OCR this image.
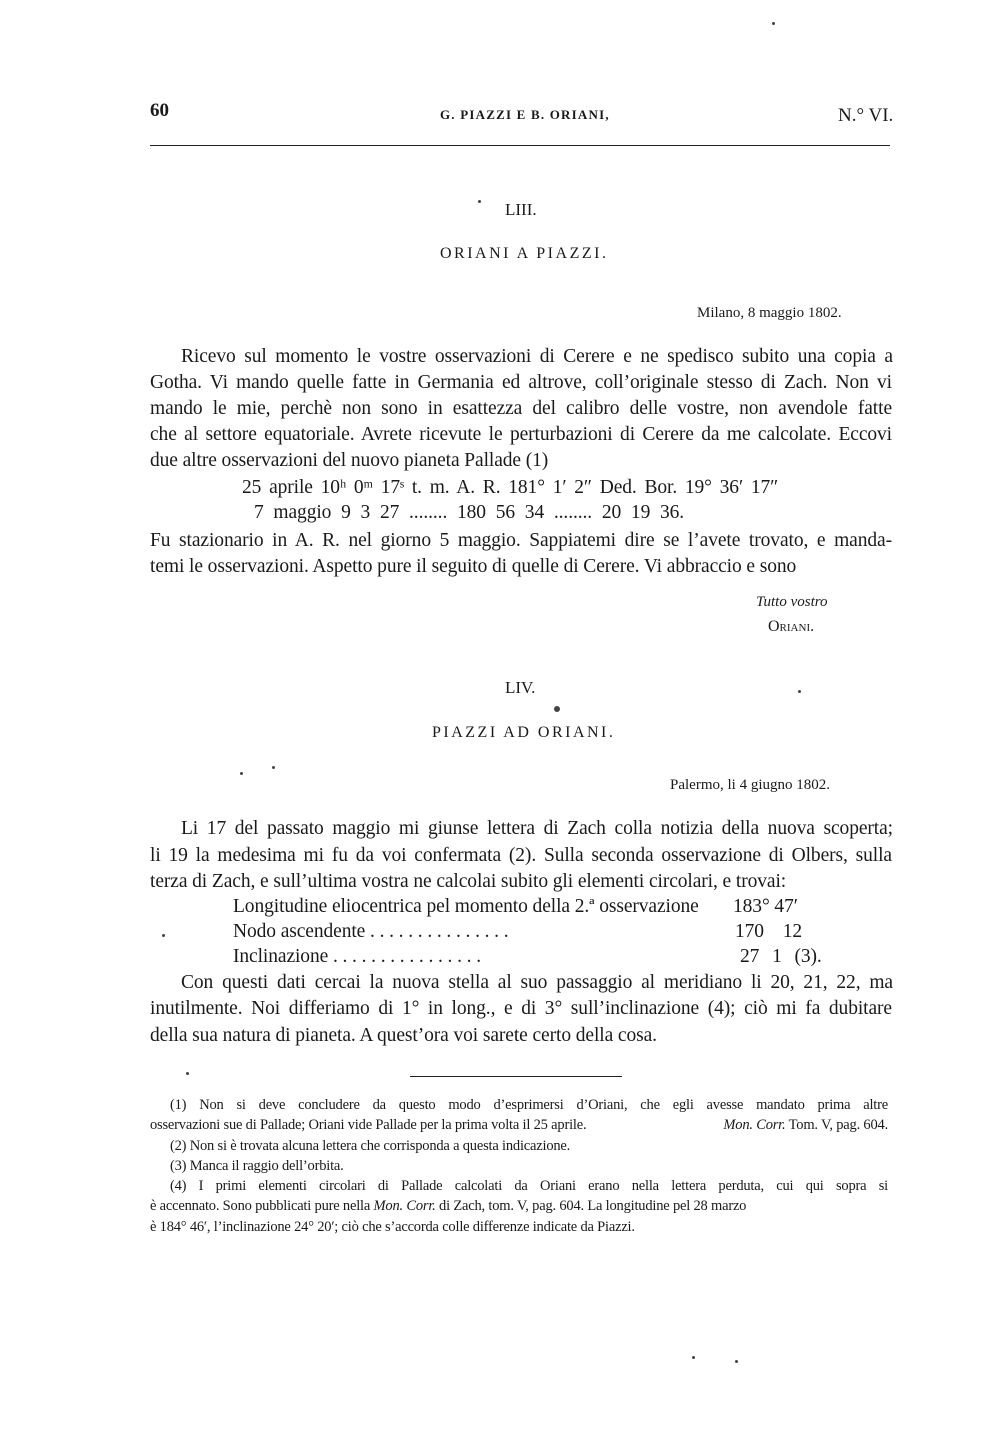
60	G. PIAZZI E B. ORIANI,	N.° VI.
LIII.
ORIANI A PIAZZI.
Milano, 8 maggio 1802.
Ricevo sul momento le vostre osservazioni di Cerere e ne spedisco subito una copia a
Gotha. Vi mando quelle fatte in Germania ed altrove, coll’originale stesso di Zach. Non vi
mando le mie, perchè non sono in esattezza del calibro delle vostre, non avendole fatte
che al settore equatoriale. Avrete ricevute le perturbazioni di Cerere da me calcolate. Eccovi
due altre osservazioni del nuovo pianeta Pallade (1)
25 aprile 10ʰ 0ᵐ 17ˢ t. m. A. R. 181° 1′ 2″ Ded. Bor. 19° 36′ 17″
7 maggio 9 3 27 ........ 180 56 34 ........ 20 19 36.
Fu stazionario in A. R. nel giorno 5 maggio. Sappiatemi dire se l’avete trovato, e manda-
temi le osservazioni. Aspetto pure il seguito di quelle di Cerere. Vi abbraccio e sono
Tutto vostro
Oriani.
LIV.
PIAZZI AD ORIANI.
Palermo, li 4 giugno 1802.
Li 17 del passato maggio mi giunse lettera di Zach colla notizia della nuova scoperta;
li 19 la medesima mi fu da voi confermata (2). Sulla seconda osservazione di Olbers, sulla
terza di Zach, e sull’ultima vostra ne calcolai subito gli elementi circolari, e trovai:
Longitudine eliocentrica pel momento della 2.ª osservazione 183° 47′
Nodo ascendente . . . . . . . . . . . . . . .	170 12
Inclinazione . . . . . . . . . . . . . . . .	27 1 (3).
Con questi dati cercai la nuova stella al suo passaggio al meridiano li 20, 21, 22, ma
inutilmente. Noi differiamo di 1° in long., e di 3° sull’inclinazione (4); ciò mi fa dubitare
della sua natura di pianeta. A quest’ora voi sarete certo della cosa.
(1) Non si deve concludere da questo modo d’esprimersi d’Oriani, che egli avesse mandato prima altre
osservazioni sue di Pallade; Oriani vide Pallade per la prima volta il 25 aprile.	Mon. Corr. Tom. V, pag. 604.
(2) Non si è trovata alcuna lettera che corrisponda a questa indicazione.
(3) Manca il raggio dell’orbita.
(4) I primi elementi circolari di Pallade calcolati da Oriani erano nella lettera perduta, cui qui sopra si
è accennato. Sono pubblicati pure nella Mon. Corr. di Zach, tom. V, pag. 604. La longitudine pel 28 marzo
è 184° 46′, l’inclinazione 24° 20′; ciò che s’accorda colle differenze indicate da Piazzi.
